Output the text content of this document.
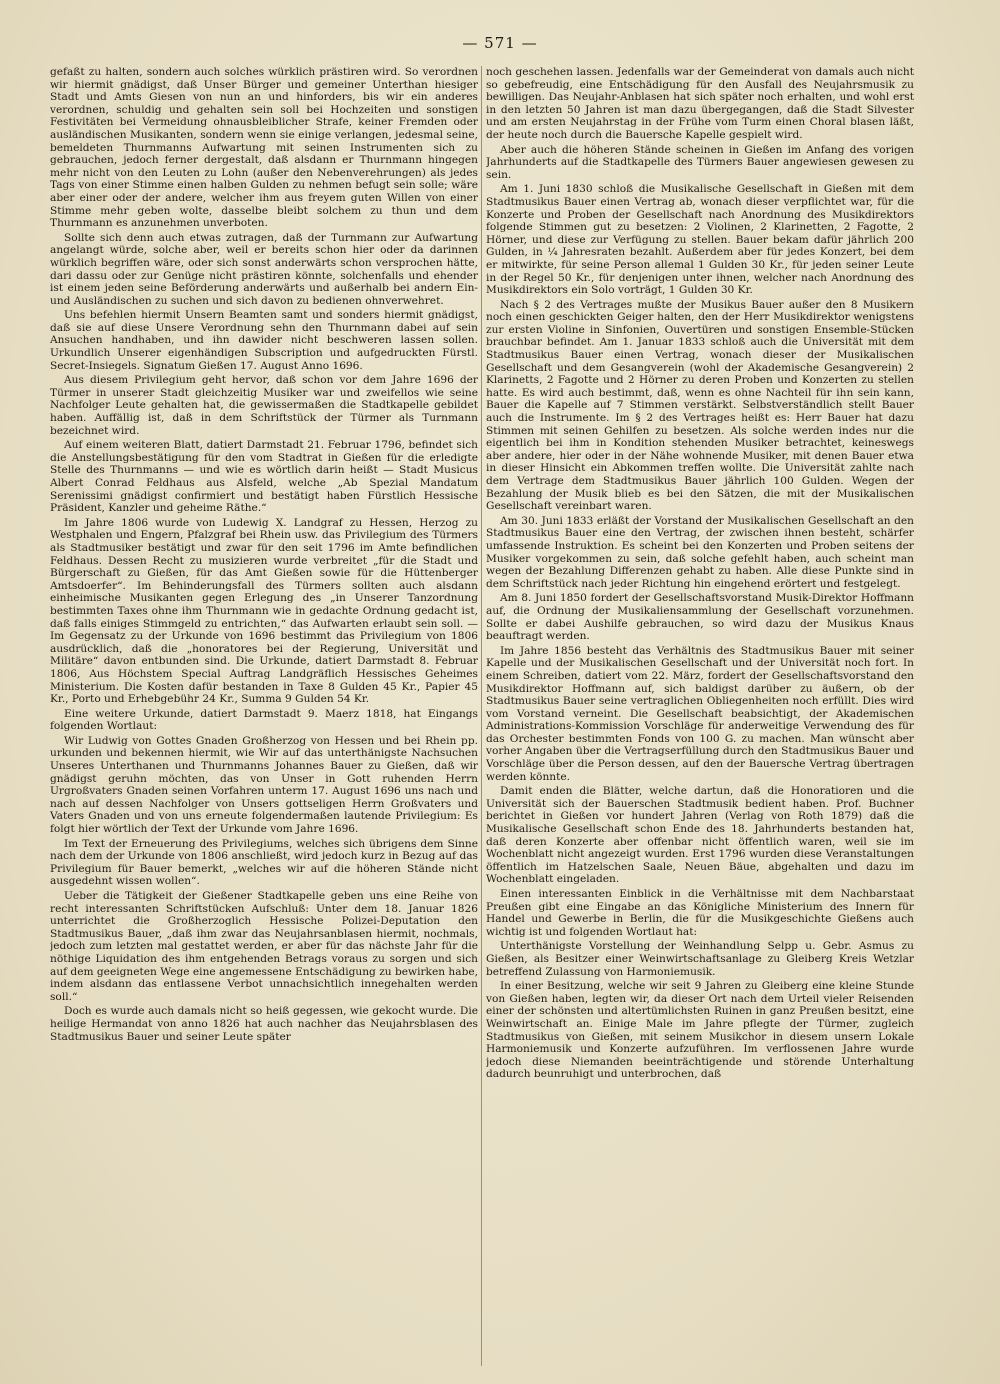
— 571 —

gefaßt zu halten, sondern auch solches würklich prästiren wird. So verordnen wir hiermit gnädigst, daß Unser Bürger und gemeiner Unterthan hiesiger Stadt und Amts Giesen von nun an und hinforders, bis wir ein anderes verordnen, schuldig und gehalten sein soll bei Hochzeiten und sonstigen Festivitäten bei Vermeidung ohnausbleiblicher Strafe, keiner Fremden oder ausländischen Musikanten, sondern wenn sie einige verlangen, jedesmal seine, bemeldeten Thurnmanns Aufwartung mit seinen Instrumenten sich zu gebrauchen, jedoch ferner dergestalt, daß alsdann er Thurnmann hingegen mehr nicht von den Leuten zu Lohn (außer den Nebenverehrungen) als jedes Tags von einer Stimme einen halben Gulden zu nehmen befugt sein solle; wäre aber einer oder der andere, welcher ihm aus freyem guten Willen von einer Stimme mehr geben wolte, dasselbe bleibt solchem zu thun und dem Thurnmann es anzunehmen unverboten.

Sollte sich denn auch etwas zutragen, daß der Turnmann zur Aufwartung angelangt würde, solche aber, weil er bereits schon hier oder da darinnen würklich begriffen wäre, oder sich sonst anderwärts schon versprochen hätte, dari dassu oder zur Genüge nicht prästiren könnte, solchenfalls und ehender ist einem jeden seine Beförderung anderwärts und außerhalb bei andern Ein- und Ausländischen zu suchen und sich davon zu bedienen ohnverwehret.

Uns befehlen hiermit Unsern Beamten samt und sonders hiermit gnädigst, daß sie auf diese Unsere Verordnung sehn den Thurnmann dabei auf sein Ansuchen handhaben, und ihn dawider nicht beschweren lassen sollen. Urkundlich Unserer eigenhändigen Subscription und aufgedruckten Fürstl. Secret-Insiegels. Signatum Gießen 17. August Anno 1696.

Aus diesem Privilegium geht hervor, daß schon vor dem Jahre 1696 der Türmer in unserer Stadt gleichzeitig Musiker war und zweifellos wie seine Nachfolger Leute gehalten hat, die gewissermaßen die Stadtkapelle gebildet haben. Auffällig ist, daß in dem Schriftstück der Türmer als Turnmann bezeichnet wird.

Auf einem weiteren Blatt, datiert Darmstadt 21. Februar 1796, befindet sich die Anstellungsbestätigung für den vom Stadtrat in Gießen für die erledigte Stelle des Thurnmanns — und wie es wörtlich darin heißt — Stadt Musicus Albert Conrad Feldhaus aus Alsfeld, welche „Ab Spezial Mandatum Serenissimi gnädigst confirmiert und bestätigt haben Fürstlich Hessische Präsident, Kanzler und geheime Räthe.“

Im Jahre 1806 wurde von Ludewig X. Landgraf zu Hessen, Herzog zu Westphalen und Engern, Pfalzgraf bei Rhein usw. das Privilegium des Türmers als Stadtmusiker bestätigt und zwar für den seit 1796 im Amte befindlichen Feldhaus. Dessen Recht zu musizieren wurde verbreitet „für die Stadt und Bürgerschaft zu Gießen, für das Amt Gießen sowie für die Hüttenberger Amtsdoerfer“. Im Behinderungsfall des Türmers sollten auch alsdann einheimische Musikanten gegen Erlegung des „in Unserer Tanzordnung bestimmten Taxes ohne ihm Thurnmann wie in gedachte Ordnung gedacht ist, daß falls einiges Stimmgeld zu entrichten,“ das Aufwarten erlaubt sein soll. — Im Gegensatz zu der Urkunde von 1696 bestimmt das Privilegium von 1806 ausdrücklich, daß die „honoratores bei der Regierung, Universität und Militäre“ davon entbunden sind. Die Urkunde, datiert Darmstadt 8. Februar 1806, Aus Höchstem Special Auftrag Landgräflich Hessisches Geheimes Ministerium. Die Kosten dafür bestanden in Taxe 8 Gulden 45 Kr., Papier 45 Kr., Porto und Erhebgebühr 24 Kr., Summa 9 Gulden 54 Kr.

Eine weitere Urkunde, datiert Darmstadt 9. Maerz 1818, hat Eingangs folgenden Wortlaut:

Wir Ludwig von Gottes Gnaden Großherzog von Hessen und bei Rhein pp. urkunden und bekennen hiermit, wie Wir auf das unterthänigste Nachsuchen Unseres Unterthanen und Thurnmanns Johannes Bauer zu Gießen, daß wir gnädigst geruhn möchten, das von Unser in Gott ruhenden Herrn Urgroßvaters Gnaden seinen Vorfahren unterm 17. August 1696 uns nach und nach auf dessen Nachfolger von Unsers gottseligen Herrn Großvaters und Vaters Gnaden und von uns erneute folgendermaßen lautende Privilegium: Es folgt hier wörtlich der Text der Urkunde vom Jahre 1696.

Im Text der Erneuerung des Privilegiums, welches sich übrigens dem Sinne nach dem der Urkunde von 1806 anschließt, wird jedoch kurz in Bezug auf das Privilegium für Bauer bemerkt, „welches wir auf die höheren Stände nicht ausgedehnt wissen wollen“.

Ueber die Tätigkeit der Gießener Stadtkapelle geben uns eine Reihe von recht interessanten Schriftstücken Aufschluß: Unter dem 18. Januar 1826 unterrichtet die Großherzoglich Hessische Polizei-Deputation den Stadtmusikus Bauer, „daß ihm zwar das Neujahrsanblasen hiermit, nochmals, jedoch zum letzten mal gestattet werden, er aber für das nächste Jahr für die nöthige Liquidation des ihm entgehenden Betrags voraus zu sorgen und sich auf dem geeigneten Wege eine angemessene Entschädigung zu bewirken habe, indem alsdann das entlassene Verbot unnachsichtlich innegehalten werden soll.“

Doch es wurde auch damals nicht so heiß gegessen, wie gekocht wurde. Die heilige Hermandat von anno 1826 hat auch nachher das Neujahrsblasen des Stadtmusikus Bauer und seiner Leute später

noch geschehen lassen. Jedenfalls war der Gemeinderat von damals auch nicht so gebefreudig, eine Entschädigung für den Ausfall des Neujahrsmusik zu bewilligen. Das Neujahr-Anblasen hat sich später noch erhalten, und wohl erst in den letzten 50 Jahren ist man dazu übergegangen, daß die Stadt Silvester und am ersten Neujahrstag in der Frühe vom Turm einen Choral blasen läßt, der heute noch durch die Bauersche Kapelle gespielt wird.

Aber auch die höheren Stände scheinen in Gießen im Anfang des vorigen Jahrhunderts auf die Stadtkapelle des Türmers Bauer angewiesen gewesen zu sein.

Am 1. Juni 1830 schloß die Musikalische Gesellschaft in Gießen mit dem Stadtmusikus Bauer einen Vertrag ab, wonach dieser verpflichtet war, für die Konzerte und Proben der Gesellschaft nach Anordnung des Musikdirektors folgende Stimmen gut zu besetzen: 2 Violinen, 2 Klarinetten, 2 Fagotte, 2 Hörner, und diese zur Verfügung zu stellen. Bauer bekam dafür jährlich 200 Gulden, in ¼ Jahresraten bezahlt. Außerdem aber für jedes Konzert, bei dem er mitwirkte, für seine Person allemal 1 Gulden 30 Kr., für jeden seiner Leute in der Regel 50 Kr., für denjenigen unter ihnen, welcher nach Anordnung des Musikdirektors ein Solo vorträgt, 1 Gulden 30 Kr.

Nach § 2 des Vertrages mußte der Musikus Bauer außer den 8 Musikern noch einen geschickten Geiger halten, den der Herr Musikdirektor wenigstens zur ersten Violine in Sinfonien, Ouvertüren und sonstigen Ensemble-Stücken brauchbar befindet. Am 1. Januar 1833 schloß auch die Universität mit dem Stadtmusikus Bauer einen Vertrag, wonach dieser der Musikalischen Gesellschaft und dem Gesangverein (wohl der Akademische Gesangverein) 2 Klarinetts, 2 Fagotte und 2 Hörner zu deren Proben und Konzerten zu stellen hatte. Es wird auch bestimmt, daß, wenn es ohne Nachteil für ihn sein kann, Bauer die Kapelle auf 7 Stimmen verstärkt. Selbstverständlich stellt Bauer auch die Instrumente. Im § 2 des Vertrages heißt es: Herr Bauer hat dazu Stimmen mit seinen Gehilfen zu besetzen. Als solche werden indes nur die eigentlich bei ihm in Kondition stehenden Musiker betrachtet, keineswegs aber andere, hier oder in der Nähe wohnende Musiker, mit denen Bauer etwa in dieser Hinsicht ein Abkommen treffen wollte. Die Universität zahlte nach dem Vertrage dem Stadtmusikus Bauer jährlich 100 Gulden. Wegen der Bezahlung der Musik blieb es bei den Sätzen, die mit der Musikalischen Gesellschaft vereinbart waren.

Am 30. Juni 1833 erläßt der Vorstand der Musikalischen Gesellschaft an den Stadtmusikus Bauer eine den Vertrag, der zwischen ihnen besteht, schärfer umfassende Instruktion. Es scheint bei den Konzerten und Proben seitens der Musiker vorgekommen zu sein, daß solche gefehlt haben, auch scheint man wegen der Bezahlung Differenzen gehabt zu haben. Alle diese Punkte sind in dem Schriftstück nach jeder Richtung hin eingehend erörtert und festgelegt.

Am 8. Juni 1850 fordert der Gesellschaftsvorstand Musik-Direktor Hoffmann auf, die Ordnung der Musikaliensammlung der Gesellschaft vorzunehmen. Sollte er dabei Aushilfe gebrauchen, so wird dazu der Musikus Knaus beauftragt werden.

Im Jahre 1856 besteht das Verhältnis des Stadtmusikus Bauer mit seiner Kapelle und der Musikalischen Gesellschaft und der Universität noch fort. In einem Schreiben, datiert vom 22. März, fordert der Gesellschaftsvorstand den Musikdirektor Hoffmann auf, sich baldigst darüber zu äußern, ob der Stadtmusikus Bauer seine vertraglichen Obliegenheiten noch erfüllt. Dies wird vom Vorstand verneint. Die Gesellschaft beabsichtigt, der Akademischen Administrations-Kommission Vorschläge für anderweitige Verwendung des für das Orchester bestimmten Fonds von 100 G. zu machen. Man wünscht aber vorher Angaben über die Vertragserfüllung durch den Stadtmusikus Bauer und Vorschläge über die Person dessen, auf den der Bauersche Vertrag übertragen werden könnte.

Damit enden die Blätter, welche dartun, daß die Honoratioren und die Universität sich der Bauerschen Stadtmusik bedient haben. Prof. Buchner berichtet in Gießen vor hundert Jahren (Verlag von Roth 1879) daß die Musikalische Gesellschaft schon Ende des 18. Jahrhunderts bestanden hat, daß deren Konzerte aber offenbar nicht öffentlich waren, weil sie im Wochenblatt nicht angezeigt wurden. Erst 1796 wurden diese Veranstaltungen öffentlich im Hatzelschen Saale, Neuen Bäue, abgehalten und dazu im Wochenblatt eingeladen.

Einen interessanten Einblick in die Verhältnisse mit dem Nachbarstaat Preußen gibt eine Eingabe an das Königliche Ministerium des Innern für Handel und Gewerbe in Berlin, die für die Musikgeschichte Gießens auch wichtig ist und folgenden Wortlaut hat:

Unterthänigste Vorstellung der Weinhandlung Selpp u. Gebr. Asmus zu Gießen, als Besitzer einer Weinwirtschaftsanlage zu Gleiberg Kreis Wetzlar betreffend Zulassung von Harmoniemusik.

In einer Besitzung, welche wir seit 9 Jahren zu Gleiberg eine kleine Stunde von Gießen haben, legten wir, da dieser Ort nach dem Urteil vieler Reisenden einer der schönsten und altertümlichsten Ruinen in ganz Preußen besitzt, eine Weinwirtschaft an. Einige Male im Jahre pflegte der Türmer, zugleich Stadtmusikus von Gießen, mit seinem Musikchor in diesem unsern Lokale Harmoniemusik und Konzerte aufzuführen. Im verflossenen Jahre wurde jedoch diese Niemanden beeinträchtigende und störende Unterhaltung dadurch beunruhigt und unterbrochen, daß
